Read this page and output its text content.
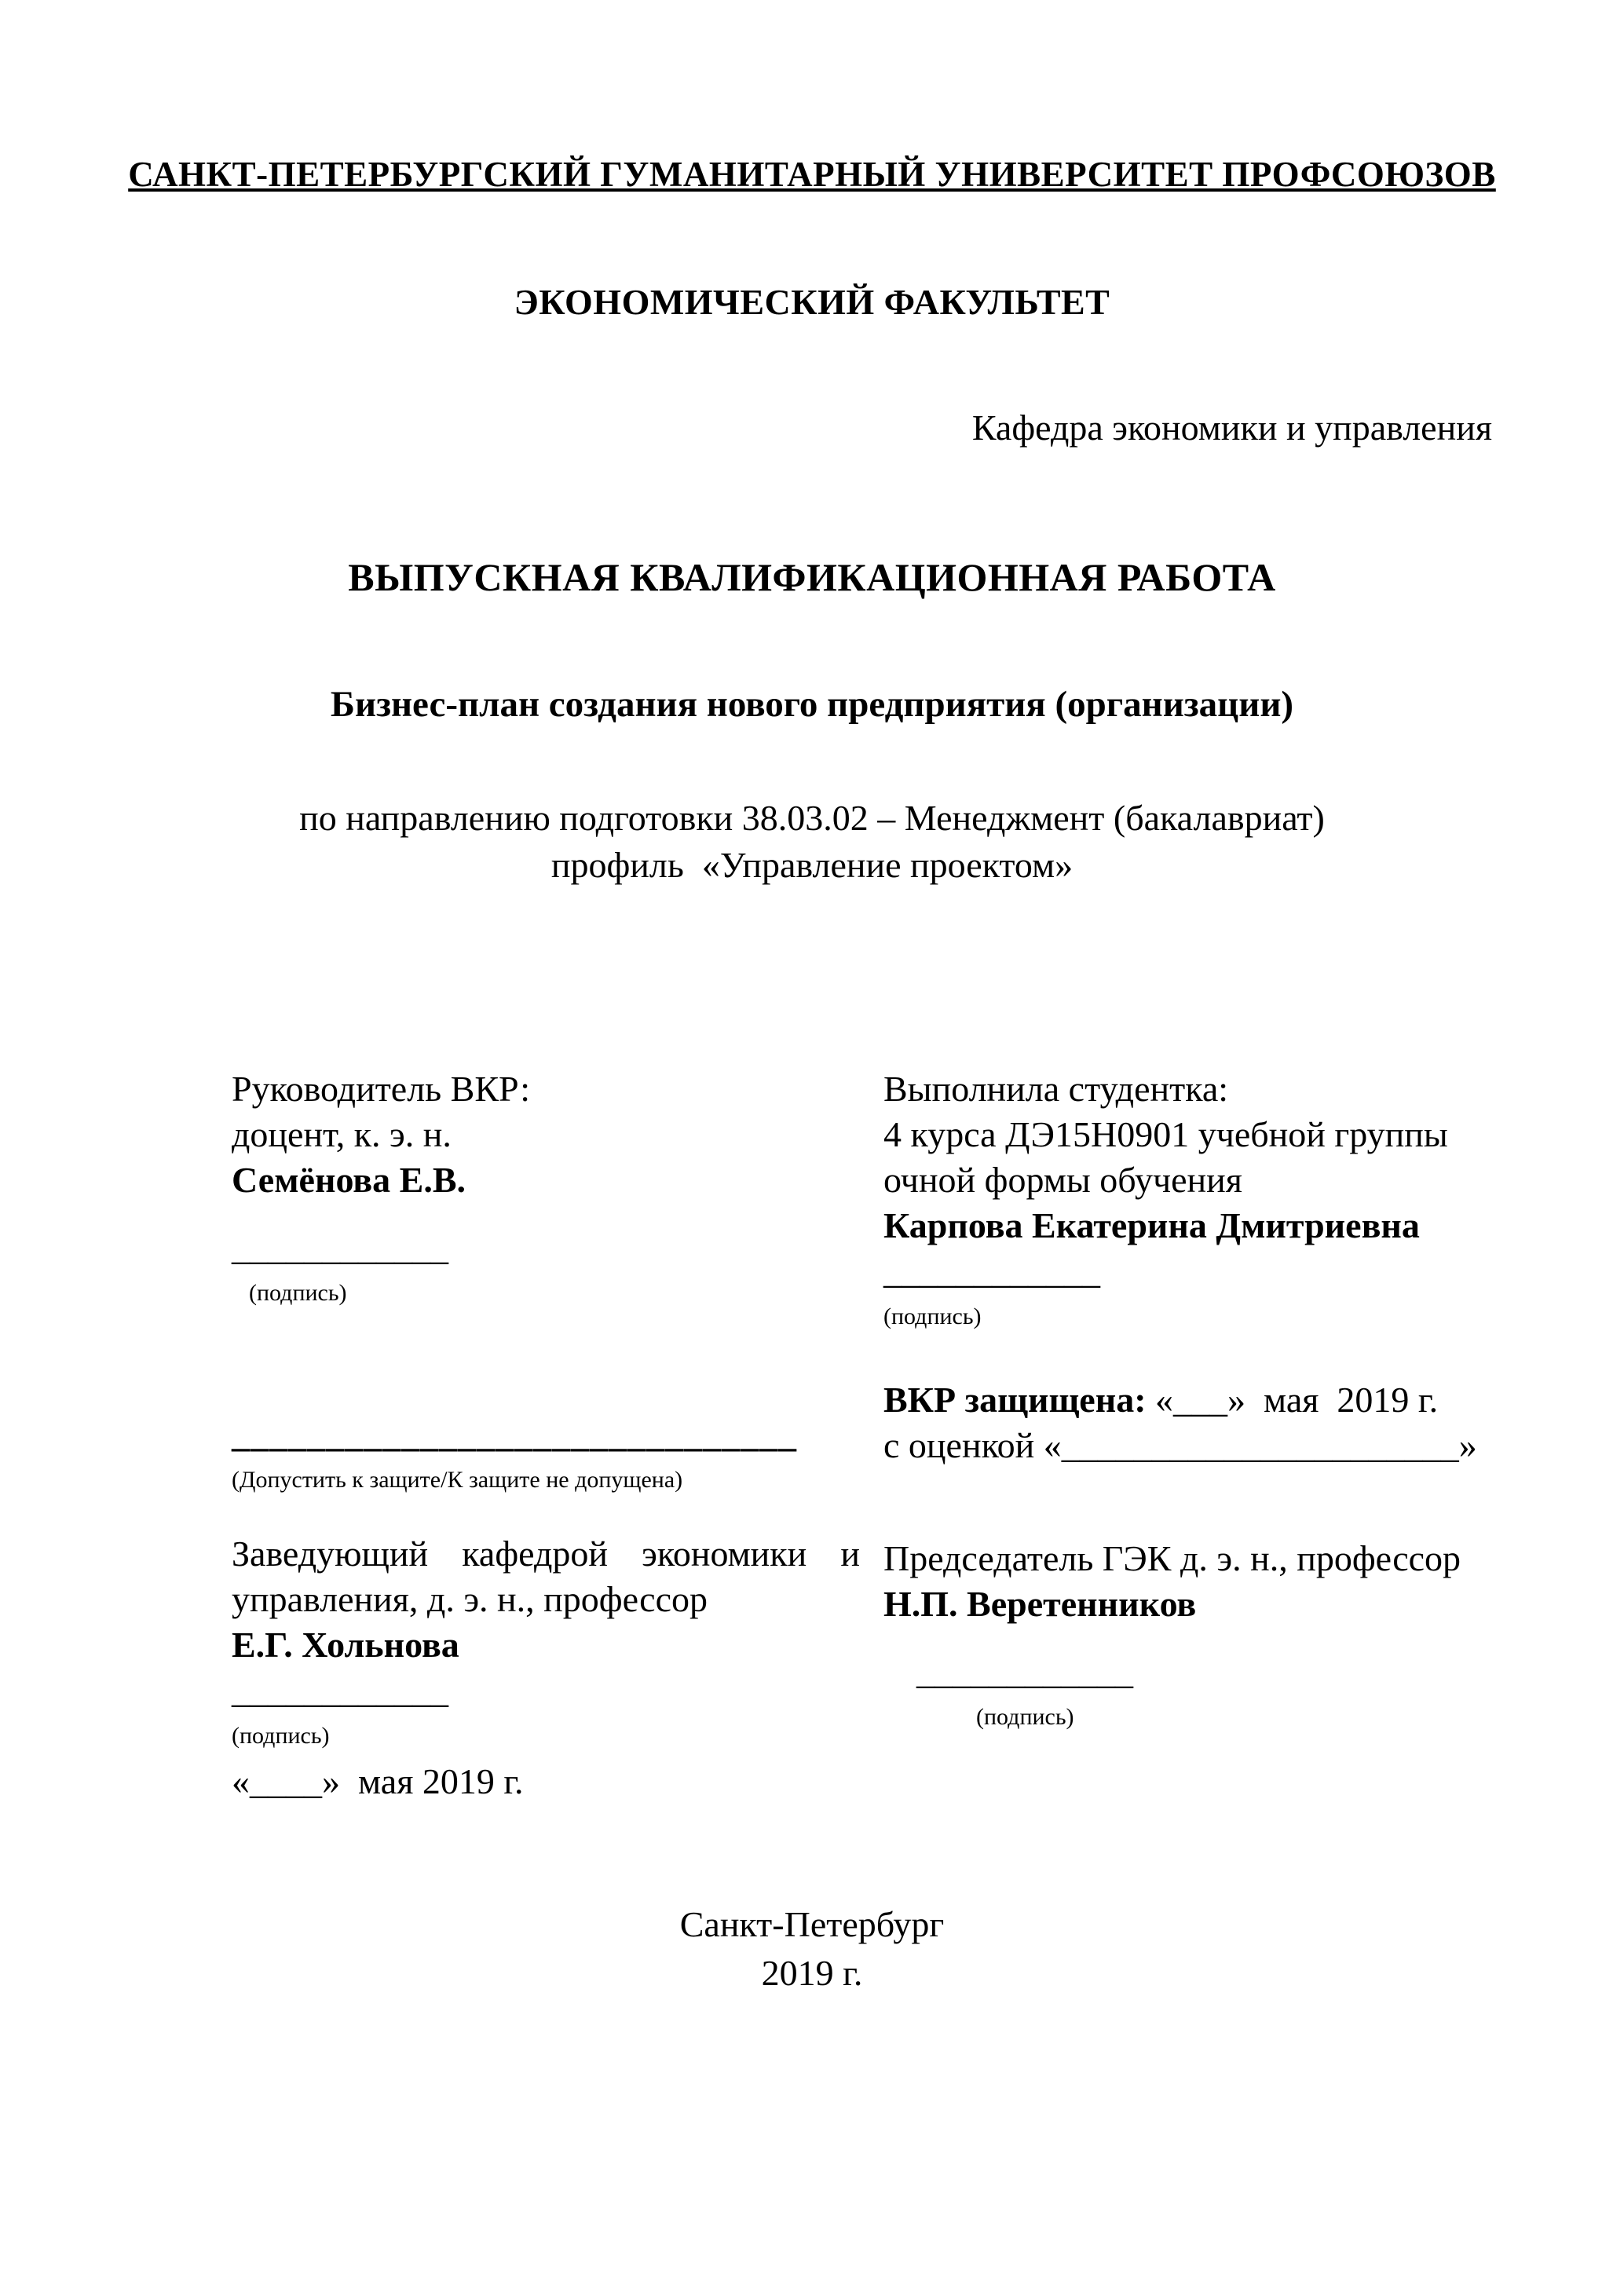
САНКТ-ПЕТЕРБУРГСКИЙ ГУМАНИТАРНЫЙ УНИВЕРСИТЕТ ПРОФСОЮЗОВ
ЭКОНОМИЧЕСКИЙ ФАКУЛЬТЕТ
Кафедра экономики и управления
ВЫПУСКНАЯ КВАЛИФИКАЦИОННАЯ РАБОТА
Бизнес-план создания нового предприятия (организации)

по направлению подготовки 38.03.02 – Менеджмент (бакалавриат)

профиль  «Управление проектом»

Руководитель ВКР:

доцент, к. э. н.

Семёнова Е.В.

____________

(подпись)

______________________________

(Допустить к защите/К защите не допущена)

Заведующий кафедрой экономики и управления, д. э. н., профессор

Е.Г. Хольнова

____________

(подпись)

«____»  мая 2019 г.

Выполнила студентка:

4 курса ДЭ15Н0901 учебной группы

очной формы обучения

Карпова Екатерина Дмитриевна

____________

(подпись)

ВКР защищена: «___»  мая  2019 г.

с оценкой «______________________»

Председатель ГЭК д. э. н., профессор

Н.П. Веретенников

____________

(подпись)

Санкт-Петербург

2019 г.
